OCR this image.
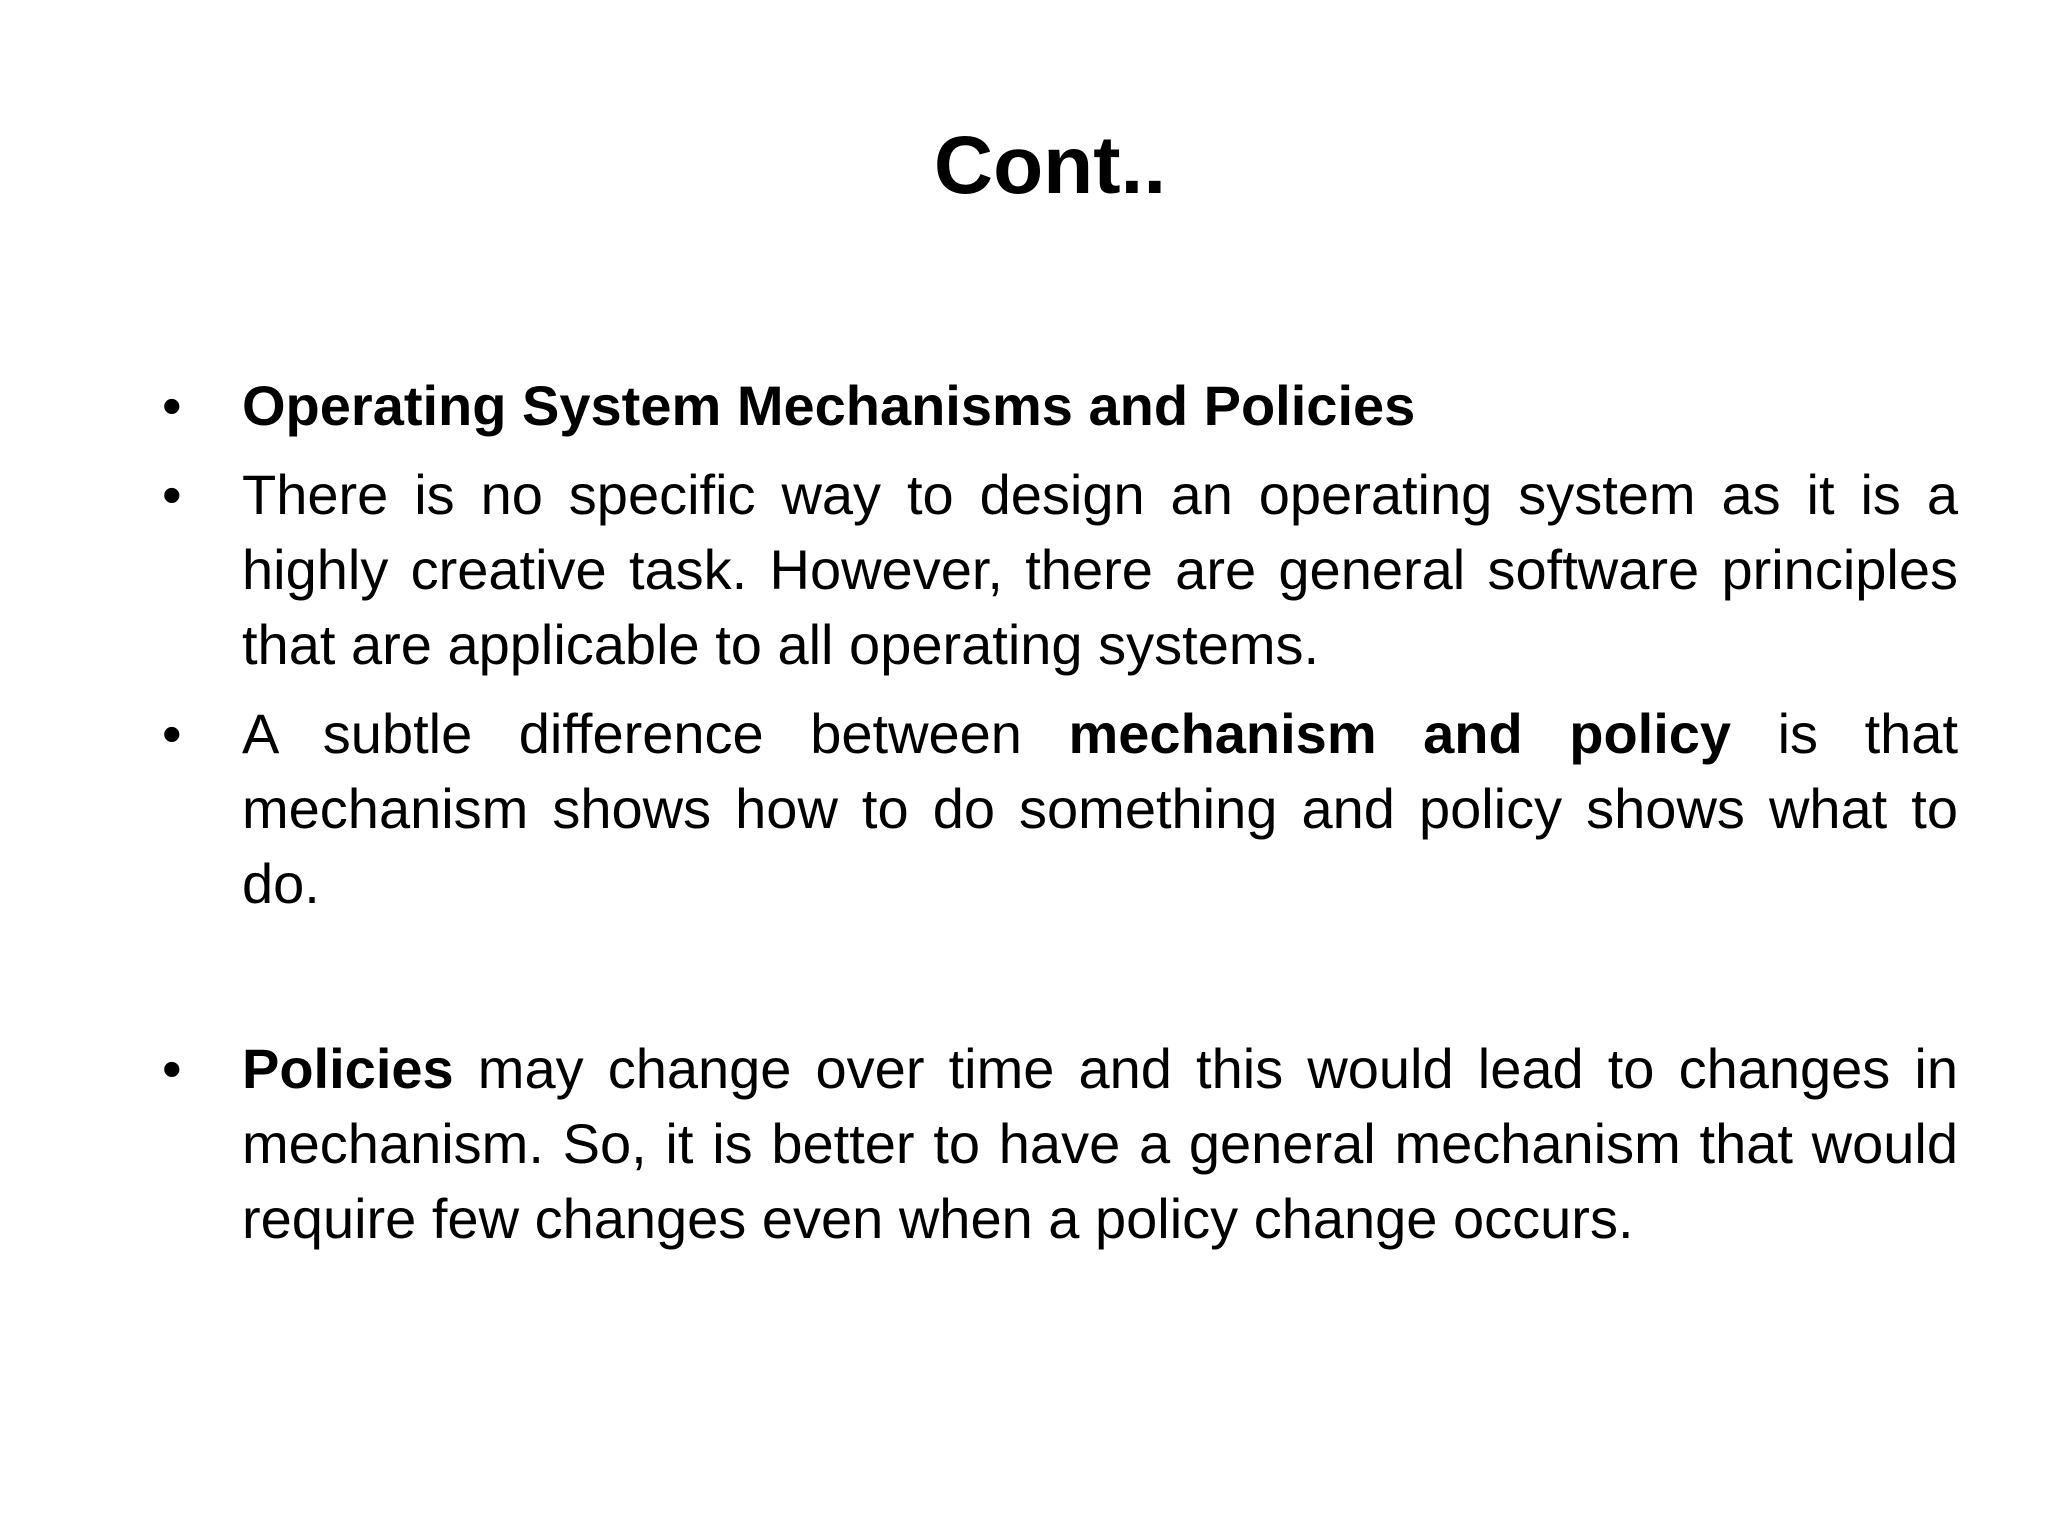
Cont..
•	Operating System Mechanisms and Policies
•	There is no specific way to design an operating system as it is a highly creative task. However, there are general software principles that are applicable to all operating systems.
•	A subtle difference between mechanism and policy is that mechanism shows how to do something and policy shows what to do.
•	Policies may change over time and this would lead to changes in mechanism. So, it is better to have a general mechanism that would require few changes even when a policy change occurs.
